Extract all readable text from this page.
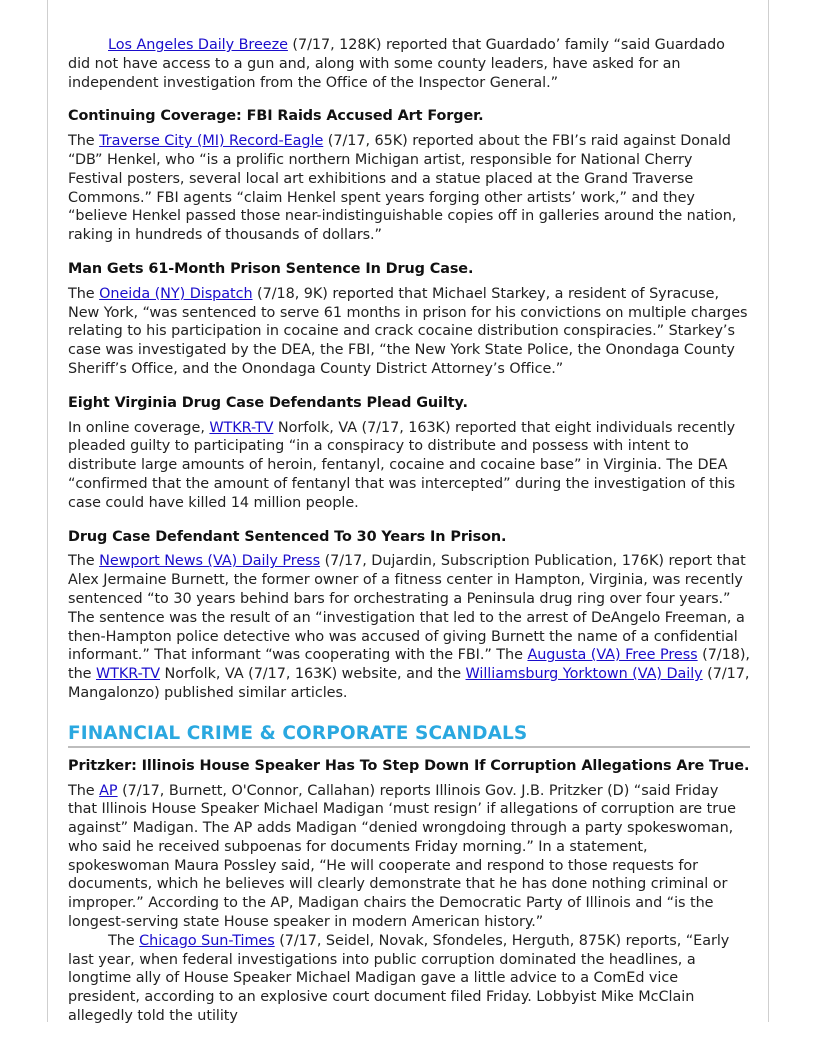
Los Angeles Daily Breeze (7/17, 128K) reported that Guardado’ family “said Guardado did not have access to a gun and, along with some county leaders, have asked for an independent investigation from the Office of the Inspector General.”

Continuing Coverage: FBI Raids Accused Art Forger.

The Traverse City (MI) Record-Eagle (7/17, 65K) reported about the FBI’s raid against Donald “DB” Henkel, who “is a prolific northern Michigan artist, responsible for National Cherry Festival posters, several local art exhibitions and a statue placed at the Grand Traverse Commons.” FBI agents “claim Henkel spent years forging other artists’ work,” and they “believe Henkel passed those near-indistinguishable copies off in galleries around the nation, raking in hundreds of thousands of dollars.”

Man Gets 61-Month Prison Sentence In Drug Case.

The Oneida (NY) Dispatch (7/18, 9K) reported that Michael Starkey, a resident of Syracuse, New York, “was sentenced to serve 61 months in prison for his convictions on multiple charges relating to his participation in cocaine and crack cocaine distribution conspiracies.” Starkey’s case was investigated by the DEA, the FBI, “the New York State Police, the Onondaga County Sheriff’s Office, and the Onondaga County District Attorney’s Office.”

Eight Virginia Drug Case Defendants Plead Guilty.

In online coverage, WTKR-TV Norfolk, VA (7/17, 163K) reported that eight individuals recently pleaded guilty to participating “in a conspiracy to distribute and possess with intent to distribute large amounts of heroin, fentanyl, cocaine and cocaine base” in Virginia. The DEA “confirmed that the amount of fentanyl that was intercepted” during the investigation of this case could have killed 14 million people.

Drug Case Defendant Sentenced To 30 Years In Prison.

The Newport News (VA) Daily Press (7/17, Dujardin, Subscription Publication, 176K) report that Alex Jermaine Burnett, the former owner of a fitness center in Hampton, Virginia, was recently sentenced “to 30 years behind bars for orchestrating a Peninsula drug ring over four years.” The sentence was the result of an “investigation that led to the arrest of DeAngelo Freeman, a then-Hampton police detective who was accused of giving Burnett the name of a confidential informant.” That informant “was cooperating with the FBI.” The Augusta (VA) Free Press (7/18), the WTKR-TV Norfolk, VA (7/17, 163K) website, and the Williamsburg Yorktown (VA) Daily (7/17, Mangalonzo) published similar articles.

FINANCIAL CRIME & CORPORATE SCANDALS
Pritzker: Illinois House Speaker Has To Step Down If Corruption Allegations Are True.

The AP (7/17, Burnett, O'Connor, Callahan) reports Illinois Gov. J.B. Pritzker (D) “said Friday that Illinois House Speaker Michael Madigan ‘must resign’ if allegations of corruption are true against” Madigan. The AP adds Madigan “denied wrongdoing through a party spokeswoman, who said he received subpoenas for documents Friday morning.” In a statement, spokeswoman Maura Possley said, “He will cooperate and respond to those requests for documents, which he believes will clearly demonstrate that he has done nothing criminal or improper.” According to the AP, Madigan chairs the Democratic Party of Illinois and “is the longest-serving state House speaker in modern American history.”

The Chicago Sun-Times (7/17, Seidel, Novak, Sfondeles, Herguth, 875K) reports, “Early last year, when federal investigations into public corruption dominated the headlines, a longtime ally of House Speaker Michael Madigan gave a little advice to a ComEd vice president, according to an explosive court document filed Friday. Lobbyist Mike McClain allegedly told the utility
